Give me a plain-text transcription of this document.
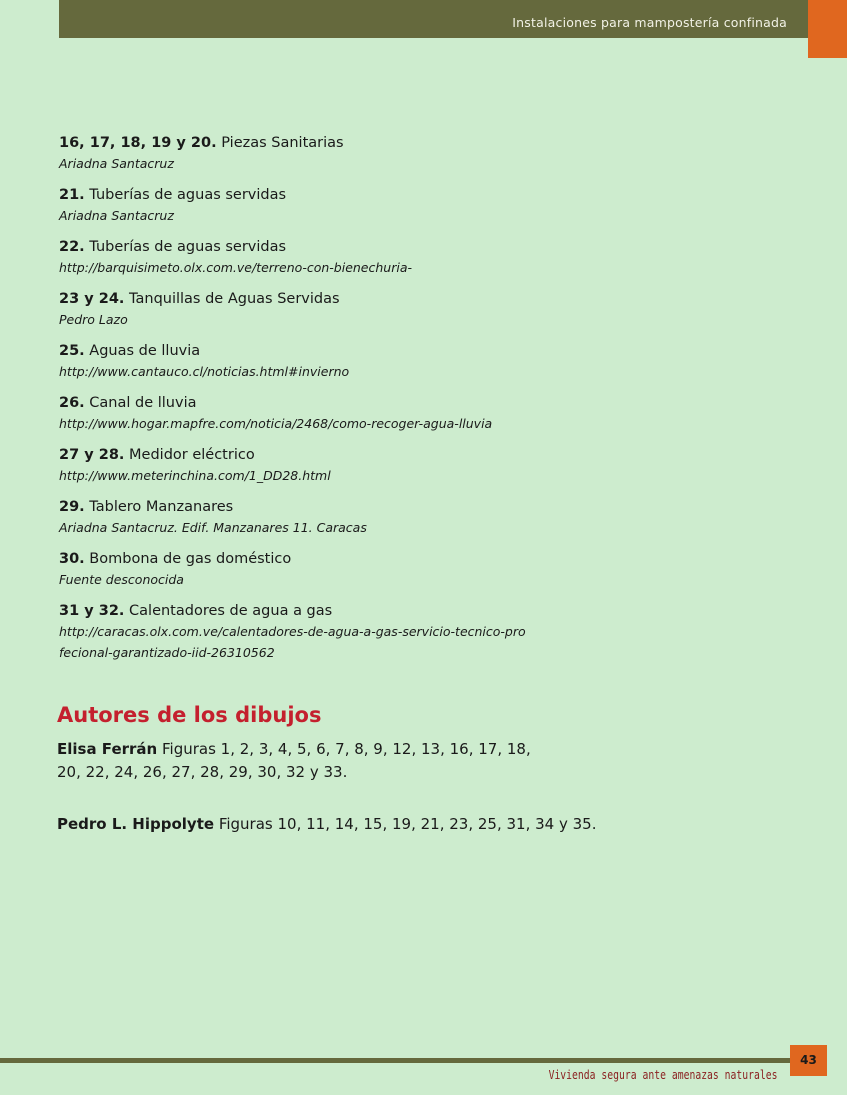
Instalaciones para mampostería confinada
16, 17, 18, 19 y 20. Piezas Sanitarias
Ariadna Santacruz
21. Tuberías de aguas servidas
Ariadna Santacruz
22. Tuberías de aguas servidas
http://barquisimeto.olx.com.ve/terreno-con-bienechuria-
23 y 24. Tanquillas de Aguas Servidas
Pedro Lazo
25. Aguas de lluvia
http://www.cantauco.cl/noticias.html#invierno
26. Canal de lluvia
http://www.hogar.mapfre.com/noticia/2468/como-recoger-agua-lluvia
27 y 28. Medidor eléctrico
http://www.meterinchina.com/1_DD28.html
29. Tablero Manzanares
Ariadna Santacruz. Edif. Manzanares 11. Caracas
30. Bombona de gas doméstico
Fuente desconocida
31 y 32. Calentadores de agua a gas
http://caracas.olx.com.ve/calentadores-de-agua-a-gas-servicio-tecnico-profecional-garantizado-iid-26310562
Autores de los dibujos
Elisa Ferrán Figuras 1, 2, 3, 4, 5, 6, 7, 8, 9, 12, 13, 16, 17, 18, 20, 22, 24, 26, 27, 28, 29, 30, 32 y 33.
Pedro L. Hippolyte Figuras 10, 11, 14, 15, 19, 21, 23, 25, 31, 34 y 35.
43
Vivienda segura ante amenazas naturales
